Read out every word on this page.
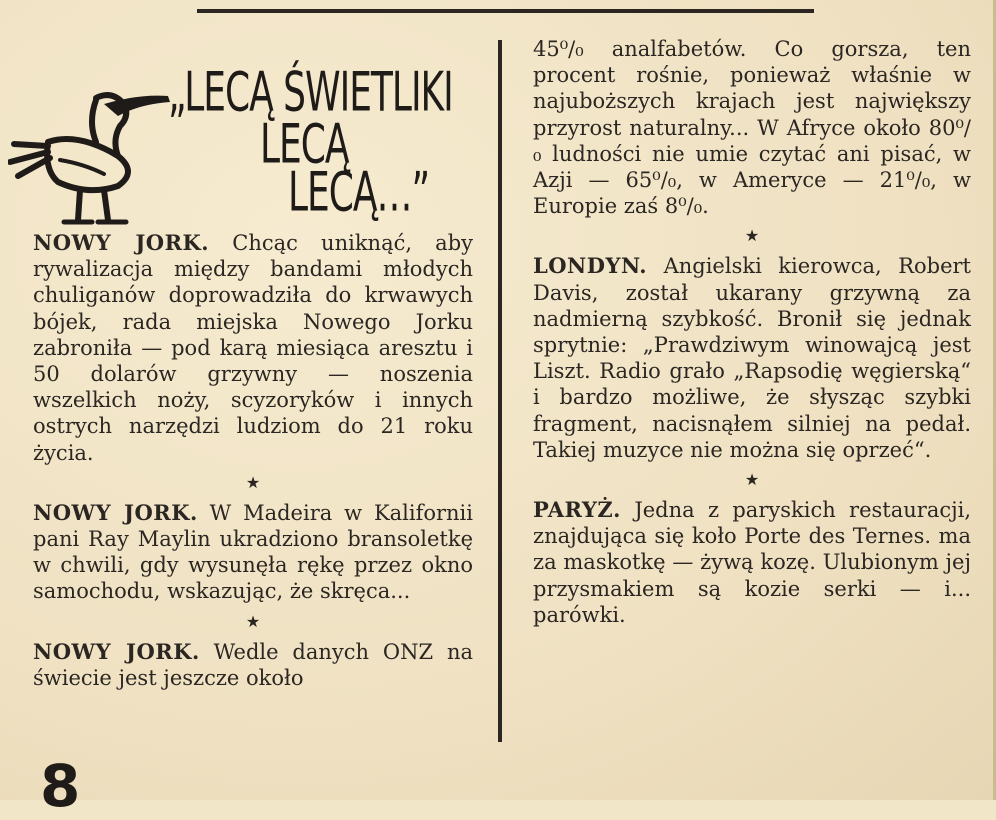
„LECĄ ŚWIETLIKI
LECĄ
LECĄ…”

NOWY JORK. Chcąc uniknąć, aby rywalizacja między bandami młodych chuliganów doprowadziła do krwawych bójek, rada miejska Nowego Jorku zabroniła — pod karą miesiąca aresztu i 50 dolarów grzywny — noszenia wszelkich noży, scyzoryków i innych ostrych narzędzi ludziom do 21 roku życia.

★

NOWY JORK. W Madeira w Kalifornii pani Ray Maylin ukradziono bransoletkę w chwili, gdy wysunęła rękę przez okno samochodu, wskazując, że skręca...

★

NOWY JORK. Wedle danych ONZ na świecie jest jeszcze około

45⁰/₀ analfabetów. Co gorsza, ten procent rośnie, ponieważ właśnie w najuboższych krajach jest największy przyrost naturalny... W Afryce około 80⁰/₀ ludności nie umie czytać ani pisać, w Azji — 65⁰/₀, w Ameryce — 21⁰/₀, w Europie zaś 8⁰/₀.

★

LONDYN. Angielski kierowca, Robert Davis, został ukarany grzywną za nadmierną szybkość. Bronił się jednak sprytnie: „Prawdziwym winowajcą jest Liszt. Radio grało „Rapsodię węgierską“ i bardzo możliwe, że słysząc szybki fragment, nacisnąłem silniej na pedał. Takiej muzyce nie można się oprzeć“.

★

PARYŻ. Jedna z paryskich restauracji, znajdująca się koło Porte des Ternes. ma za maskotkę — żywą kozę. Ulubionym jej przysmakiem są kozie serki — i... parówki.

8
